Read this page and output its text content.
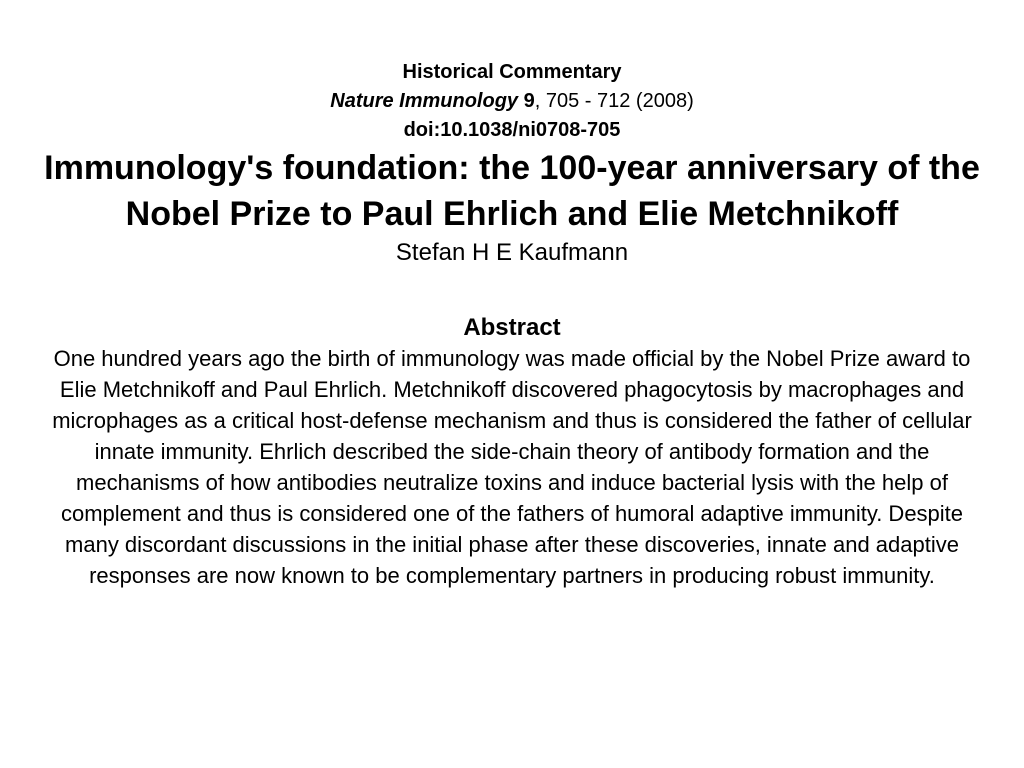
Historical Commentary
Nature Immunology 9, 705 - 712 (2008)
doi:10.1038/ni0708-705
Immunology's foundation: the 100-year anniversary of the Nobel Prize to Paul Ehrlich and Elie Metchnikoff
Stefan H E Kaufmann
Abstract
One hundred years ago the birth of immunology was made official by the Nobel Prize award to Elie Metchnikoff and Paul Ehrlich. Metchnikoff discovered phagocytosis by macrophages and microphages as a critical host-defense mechanism and thus is considered the father of cellular innate immunity. Ehrlich described the side-chain theory of antibody formation and the mechanisms of how antibodies neutralize toxins and induce bacterial lysis with the help of complement and thus is considered one of the fathers of humoral adaptive immunity. Despite many discordant discussions in the initial phase after these discoveries, innate and adaptive responses are now known to be complementary partners in producing robust immunity.
